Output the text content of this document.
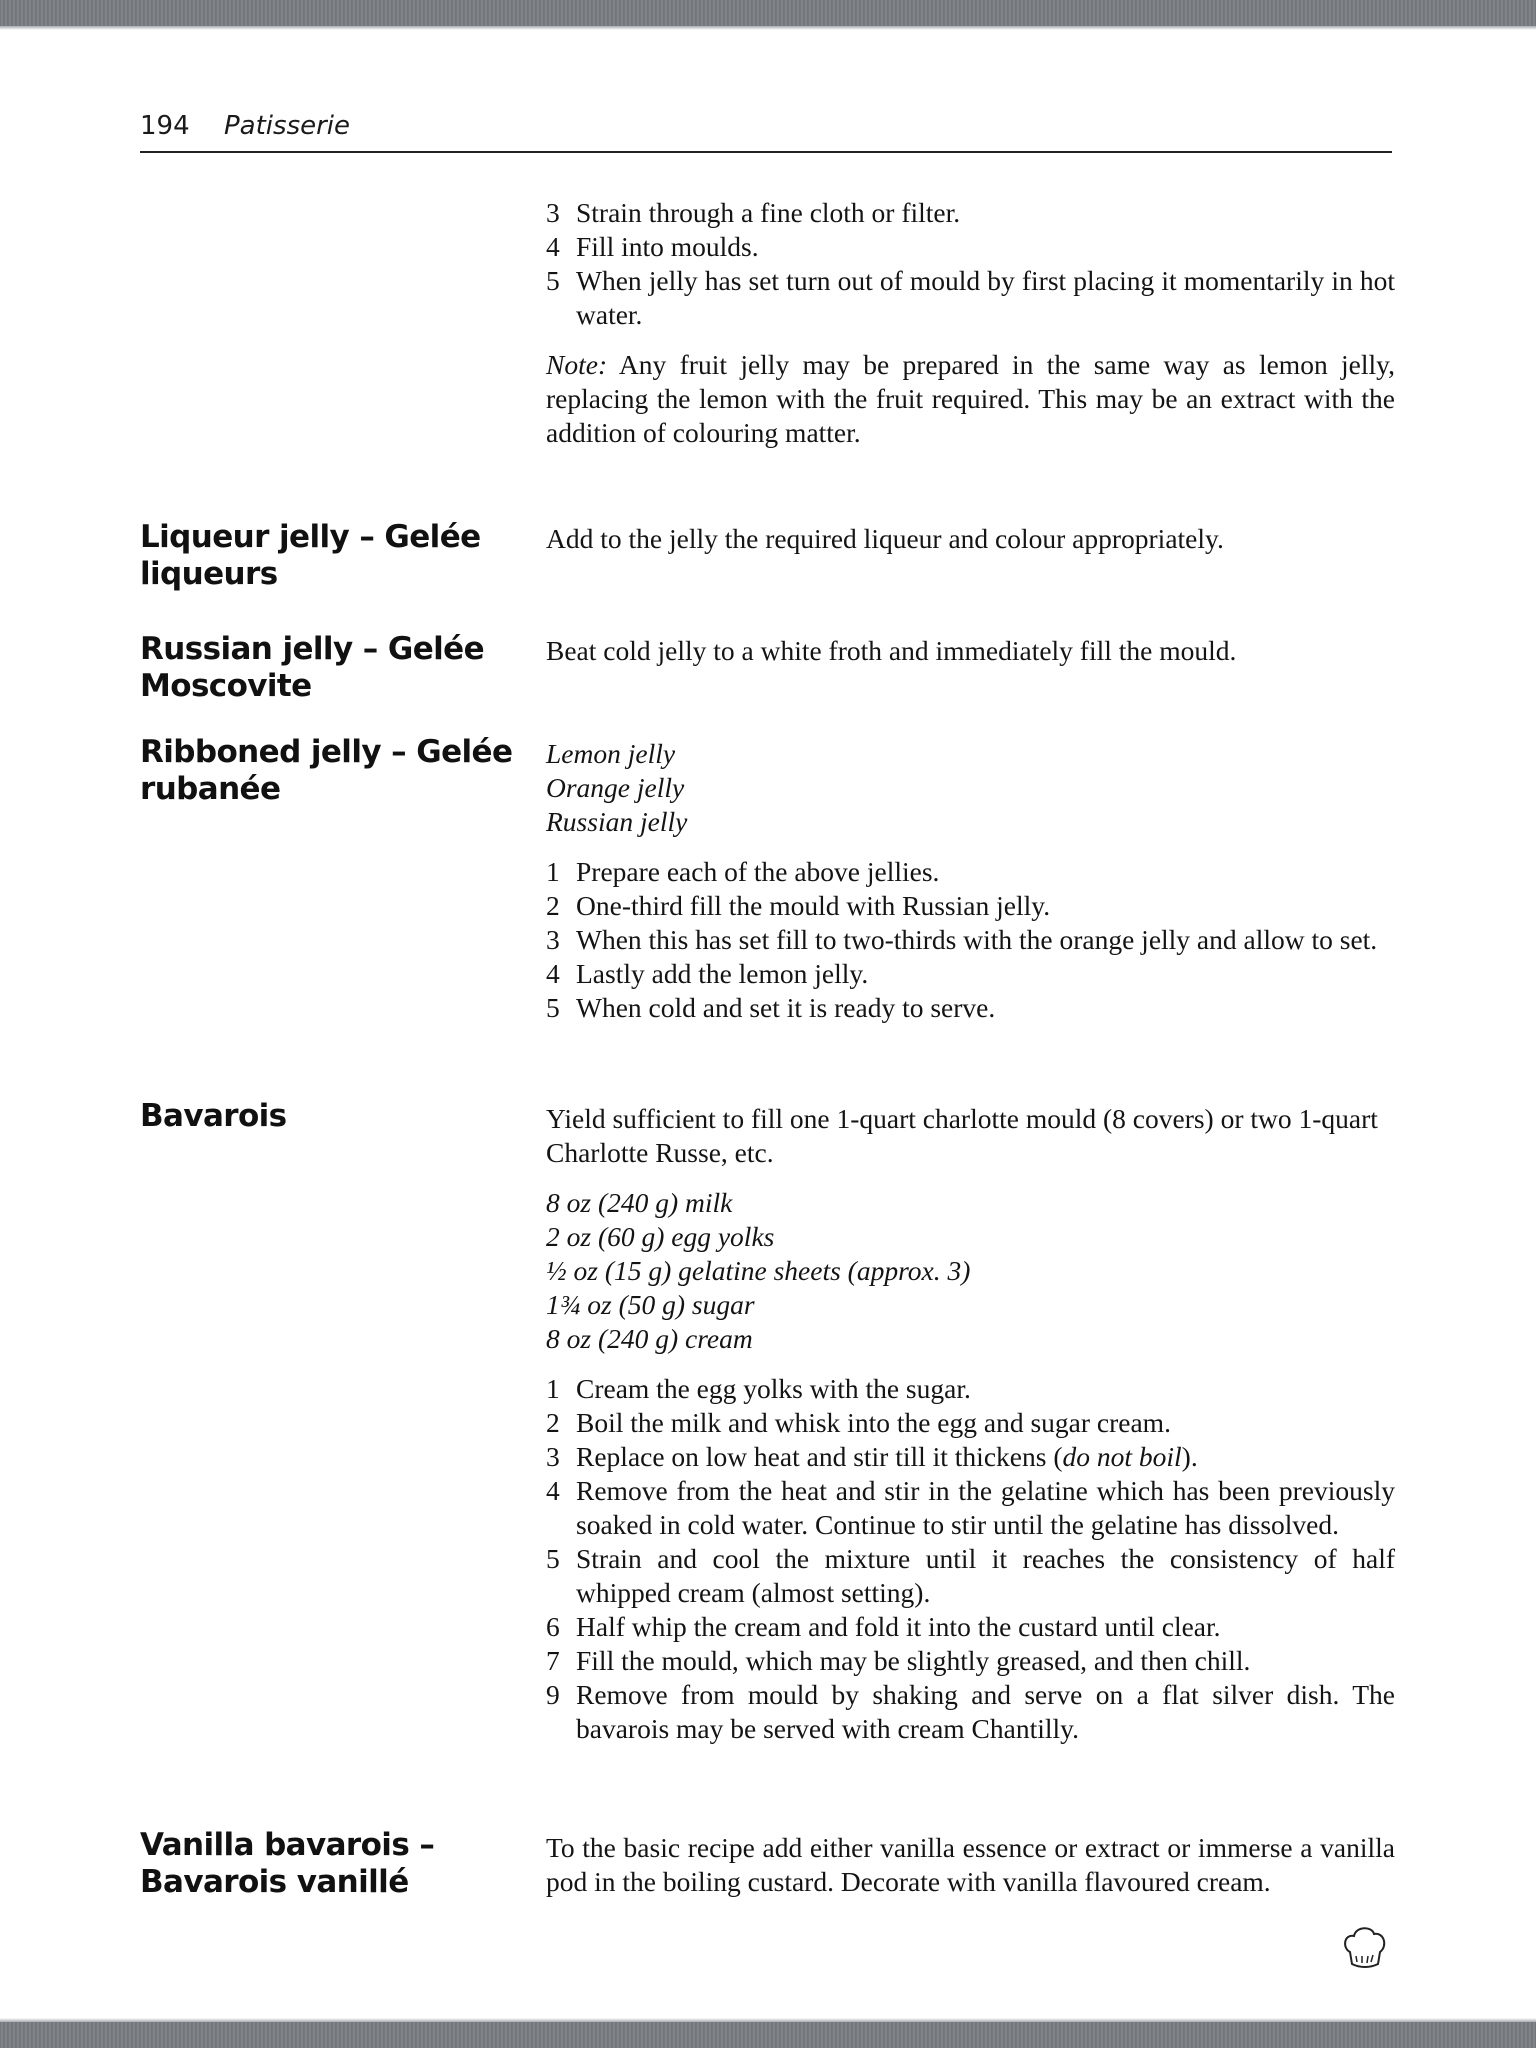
194 Patisserie
3 Strain through a fine cloth or filter.
4 Fill into moulds.
5 When jelly has set turn out of mould by first placing it momentarily in hot water.

Note: Any fruit jelly may be prepared in the same way as lemon jelly, replacing the lemon with the fruit required. This may be an extract with the addition of colouring matter.

Liqueur jelly – Gelée liqueurs
Add to the jelly the required liqueur and colour appropriately.
Russian jelly – Gelée Moscovite
Beat cold jelly to a white froth and immediately fill the mould.
Ribboned jelly – Gelée rubanée
Lemon jelly
Orange jelly
Russian jelly
1 Prepare each of the above jellies.
2 One-third fill the mould with Russian jelly.
3 When this has set fill to two-thirds with the orange jelly and allow to set.
4 Lastly add the lemon jelly.
5 When cold and set it is ready to serve.
Bavarois	Yield sufficient to fill one 1-quart charlotte mould (8 covers) or two 1-quart Charlotte Russe, etc.

8 oz (240 g) milk
2 oz (60 g) egg yolks
½ oz (15 g) gelatine sheets (approx. 3)
1¾ oz (50 g) sugar
8 oz (240 g) cream
1 Cream the egg yolks with the sugar.
2 Boil the milk and whisk into the egg and sugar cream.
3 Replace on low heat and stir till it thickens (do not boil).
4 Remove from the heat and stir in the gelatine which has been previously soaked in cold water. Continue to stir until the gelatine has dissolved.
5 Strain and cool the mixture until it reaches the consistency of half whipped cream (almost setting).
6 Half whip the cream and fold it into the custard until clear.
7 Fill the mould, which may be slightly greased, and then chill.
9 Remove from mould by shaking and serve on a flat silver dish. The bavarois may be served with cream Chantilly.
Vanilla bavarois – Bavarois vanillé
To the basic recipe add either vanilla essence or extract or immerse a vanilla pod in the boiling custard. Decorate with vanilla flavoured cream.
